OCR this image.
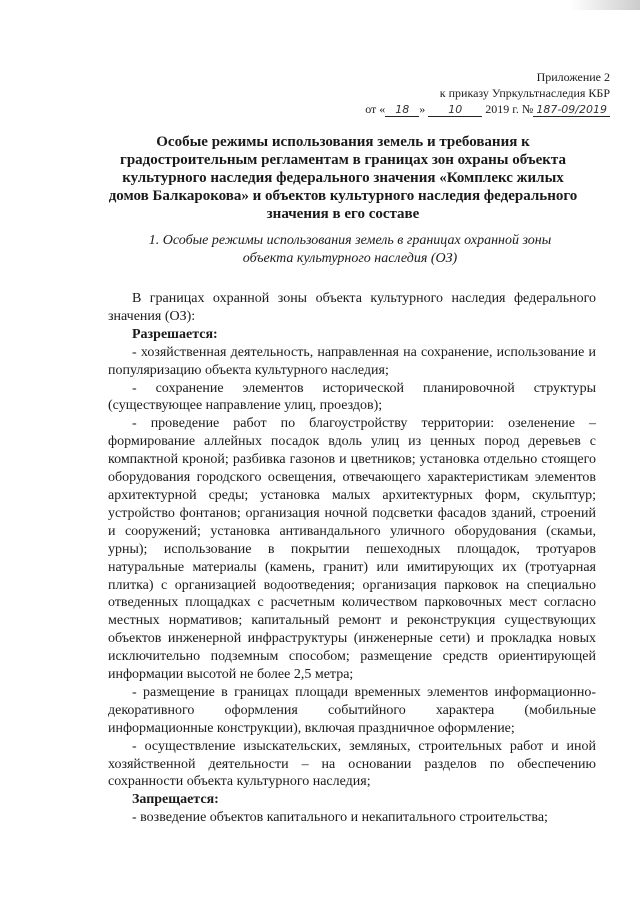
Приложение 2
к приказу Упркультнаследия КБР
от « 18 » 10 2019 г. № 187-09/2019
Особые режимы использования земель и требования к градостроительным регламентам в границах зон охраны объекта культурного наследия федерального значения «Комплекс жилых домов Балкарокова» и объектов культурного наследия федерального значения в его составе
1. Особые режимы использования земель в границах охранной зоны объекта культурного наследия (ОЗ)

В границах охранной зоны объекта культурного наследия федерального значения (ОЗ):

Разрешается:

- хозяйственная деятельность, направленная на сохранение, использование и популяризацию объекта культурного наследия;

- сохранение элементов исторической планировочной структуры (существующее направление улиц, проездов);

- проведение работ по благоустройству территории: озеленение – формирование аллейных посадок вдоль улиц из ценных пород деревьев с компактной кроной; разбивка газонов и цветников; установка отдельно стоящего оборудования городского освещения, отвечающего характеристикам элементов архитектурной среды; установка малых архитектурных форм, скульптур; устройство фонтанов; организация ночной подсветки фасадов зданий, строений и сооружений; установка антивандального уличного оборудования (скамьи, урны); использование в покрытии пешеходных площадок, тротуаров натуральные материалы (камень, гранит) или имитирующих их (тротуарная плитка) с организацией водоотведения; организация парковок на специально отведенных площадках с расчетным количеством парковочных мест согласно местных нормативов; капитальный ремонт и реконструкция существующих объектов инженерной инфраструктуры (инженерные сети) и прокладка новых исключительно подземным способом; размещение средств ориентирующей информации высотой не более 2,5 метра;

- размещение в границах площади временных элементов информационно-декоративного оформления событийного характера (мобильные информационные конструкции), включая праздничное оформление;

- осуществление изыскательских, земляных, строительных работ и иной хозяйственной деятельности – на основании разделов по обеспечению сохранности объекта культурного наследия;

Запрещается:

- возведение объектов капитального и некапитального строительства;
